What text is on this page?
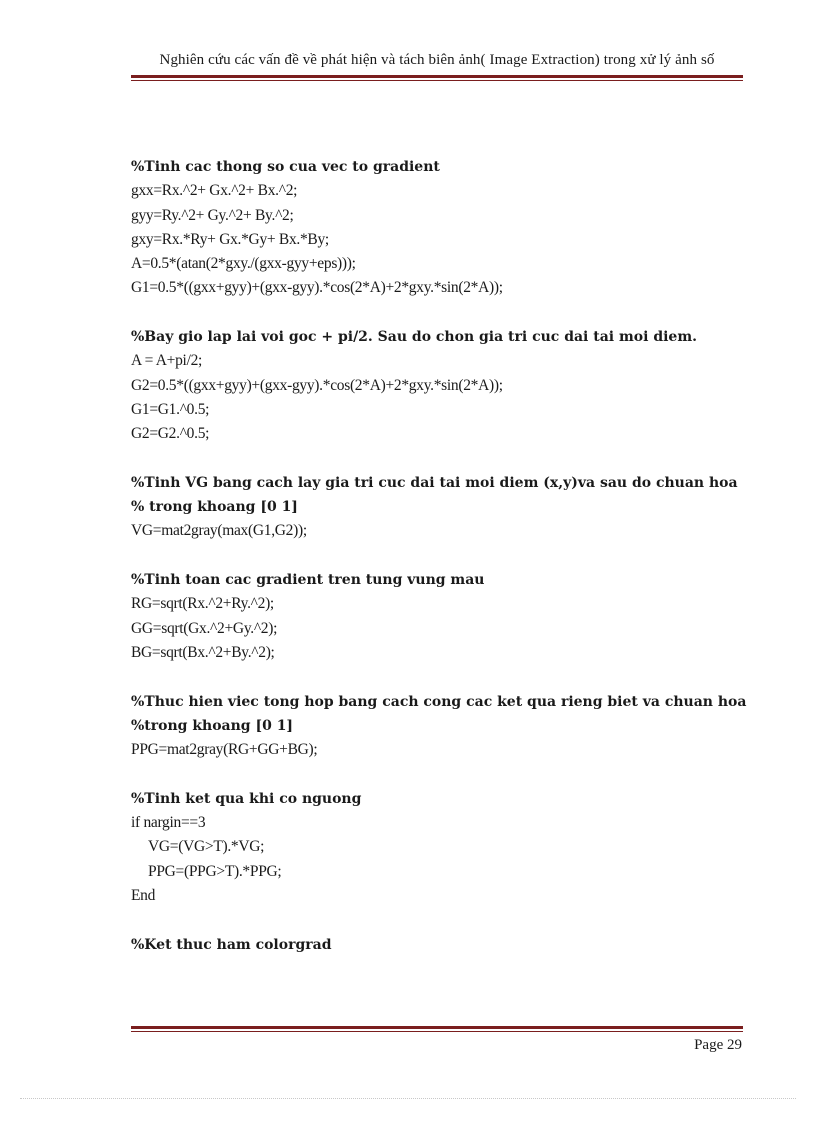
Nghiên cứu các vấn đề về phát hiện và tách biên ảnh( Image Extraction) trong xử lý ảnh số
%Tinh cac thong so cua vec to gradient
gxx=Rx.^2+ Gx.^2+ Bx.^2;
gyy=Ry.^2+ Gy.^2+ By.^2;
gxy=Rx.*Ry+ Gx.*Gy+ Bx.*By;
A=0.5*(atan(2*gxy./(gxx-gyy+eps)));
G1=0.5*((gxx+gyy)+(gxx-gyy).*cos(2*A)+2*gxy.*sin(2*A));
%Bay gio lap lai voi goc + pi/2. Sau do chon gia tri cuc dai tai moi diem.
A = A+pi/2;
G2=0.5*((gxx+gyy)+(gxx-gyy).*cos(2*A)+2*gxy.*sin(2*A));
G1=G1.^0.5;
G2=G2.^0.5;
%Tinh VG bang cach lay gia tri cuc dai tai moi diem (x,y)va sau do chuan hoa
% trong khoang [0 1]
VG=mat2gray(max(G1,G2));
%Tinh toan cac gradient tren tung vung mau
RG=sqrt(Rx.^2+Ry.^2);
GG=sqrt(Gx.^2+Gy.^2);
BG=sqrt(Bx.^2+By.^2);
%Thuc hien viec tong hop bang cach cong cac ket qua rieng biet va chuan hoa
%trong khoang [0 1]
PPG=mat2gray(RG+GG+BG);
%Tinh ket qua khi co nguong
if nargin==3
VG=(VG>T).*VG;
PPG=(PPG>T).*PPG;
End
%Ket thuc ham colorgrad
Page 29
